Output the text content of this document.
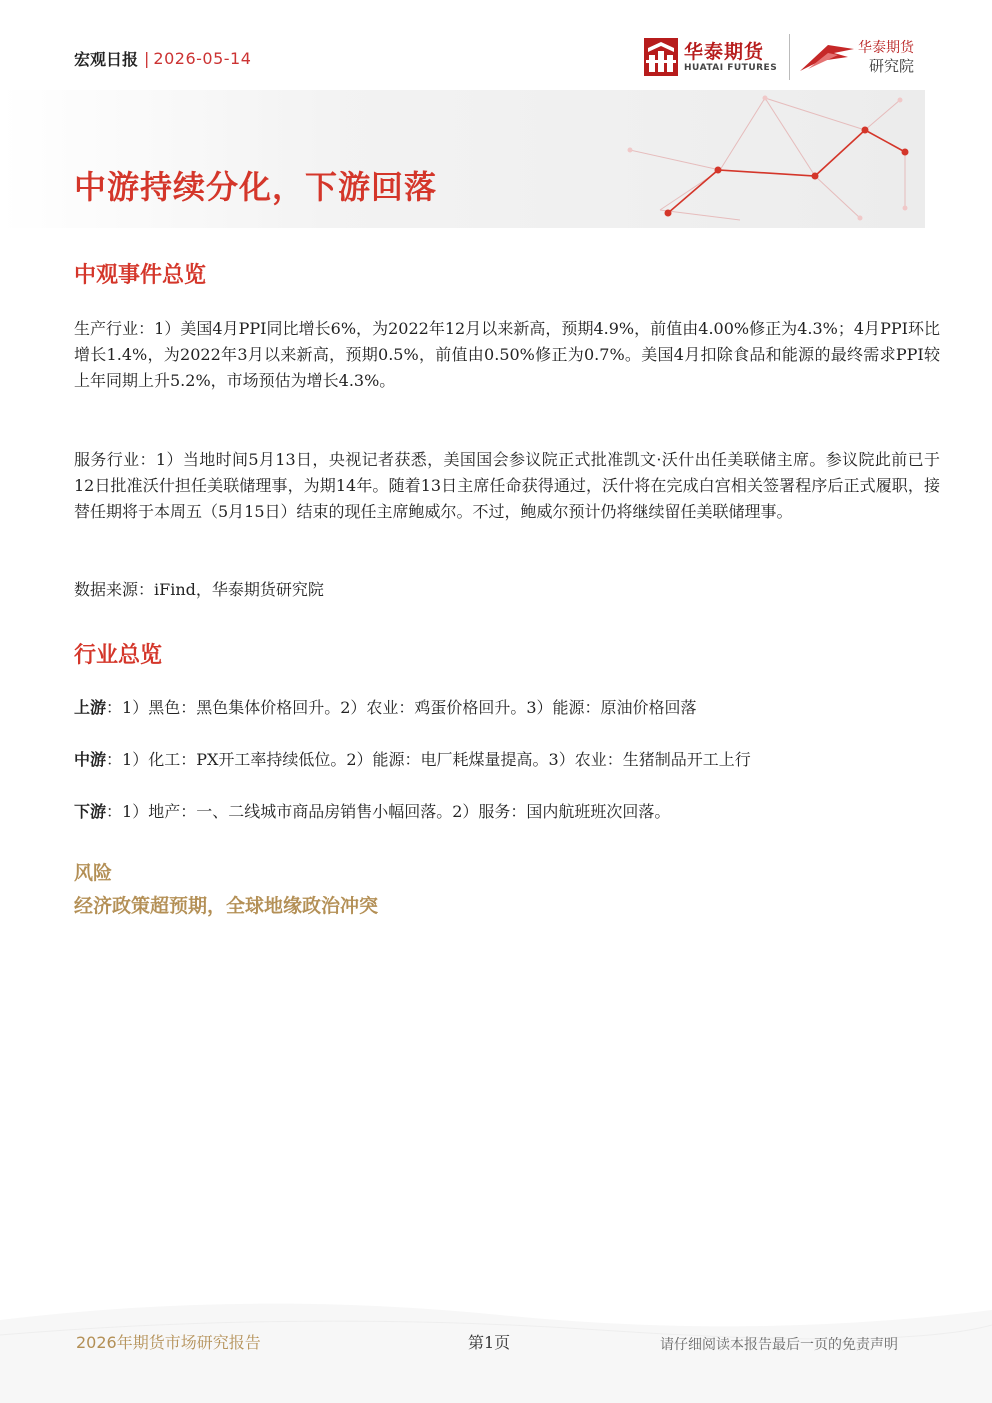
宏观日报 | 2026-05-14	华泰期货
HUATAI FUTURES
华泰期货
研究院
中游持续分化，下游回落
中观事件总览
生产行业：1）美国4月PPI同比增长6%，为2022年12月以来新高，预期4.9%，前值由4.00%修正为4.3%；4月PPI环比增长1.4%，为2022年3月以来新高，预期0.5%，前值由0.50%修正为0.7%。美国4月扣除食品和能源的最终需求PPI较上年同期上升5.2%，市场预估为增长4.3%。
服务行业：1）当地时间5月13日，央视记者获悉，美国国会参议院正式批准凯文·沃什出任美联储主席。参议院此前已于12日批准沃什担任美联储理事，为期14年。随着13日主席任命获得通过，沃什将在完成白宫相关签署程序后正式履职，接替任期将于本周五（5月15日）结束的现任主席鲍威尔。不过，鲍威尔预计仍将继续留任美联储理事。
数据来源：iFind，华泰期货研究院
行业总览
上游：1）黑色：黑色集体价格回升。2）农业：鸡蛋价格回升。3）能源：原油价格回落
中游：1）化工：PX开工率持续低位。2）能源：电厂耗煤量提高。3）农业：生猪制品开工上行
下游：1）地产：一、二线城市商品房销售小幅回落。2）服务：国内航班班次回落。
风险
经济政策超预期，全球地缘政治冲突
2026年期货市场研究报告	第1页	请仔细阅读本报告最后一页的免责声明
